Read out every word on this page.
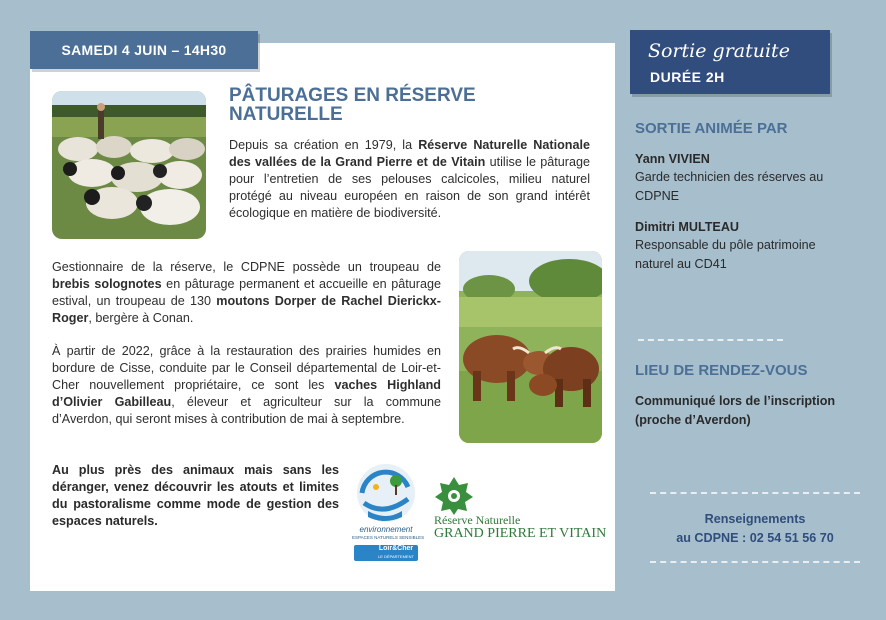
SAMEDI 4 JUIN – 14H30
PÂTURAGES EN RÉSERVE
NATURELLE

Depuis sa création en 1979, la Réserve Naturelle Nationale des vallées de la Grand Pierre et de Vitain utilise le pâturage pour l’entretien de ses pelouses calcicoles, milieu naturel protégé au niveau européen en raison de son grand intérêt écologique en matière de biodiversité.

Gestionnaire de la réserve, le CDPNE possède un troupeau de brebis solognotes en pâturage permanent et accueille en pâturage estival, un troupeau de 130 moutons Dorper de Rachel Dierickx-Roger, bergère à Conan.

À partir de 2022, grâce à la restauration des prairies humides en bordure de Cisse, conduite par le Conseil départemental de Loir-et-Cher nouvellement propriétaire, ce sont les vaches Highland d’Olivier Gabilleau, éleveur et agriculteur sur la commune d’Averdon, qui seront mises à contribution de mai à septembre.

Au plus près des animaux mais sans les déranger, venez découvrir les atouts et limites du pastoralisme comme mode de gestion des espaces naturels.

environnement
ESPACES NATURELS SENSIBLES
Loir&Cher
LE DÉPARTEMENT
Réserve Naturelle
GRAND PIERRE ET VITAIN
Sortie gratuite
DURÉE 2H
SORTIE ANIMÉE PAR

Yann VIVIEN

Garde technicien des réserves au CDPNE

Dimitri MULTEAU

Responsable du pôle patrimoine naturel au CD41

LIEU DE RENDEZ-VOUS

Communiqué lors de l’inscription (proche d’Averdon)

Renseignements
au CDPNE : 02 54 51 56 70
